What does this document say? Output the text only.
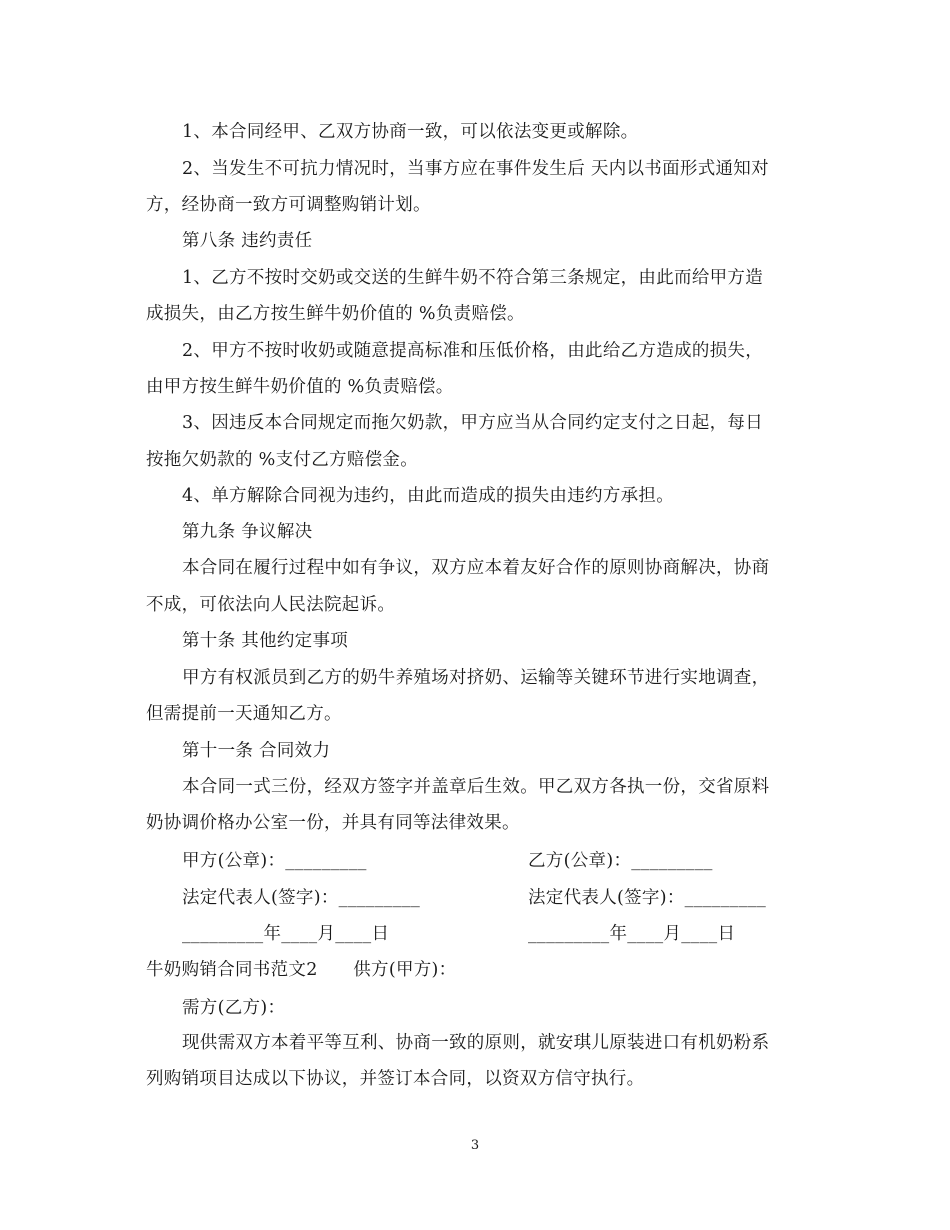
1、本合同经甲、乙双方协商一致，可以依法变更或解除。
2、当发生不可抗力情况时，当事方应在事件发生后 天内以书面形式通知对
方，经协商一致方可调整购销计划。
第八条 违约责任
1、乙方不按时交奶或交送的生鲜牛奶不符合第三条规定，由此而给甲方造
成损失，由乙方按生鲜牛奶价值的 %负责赔偿。
2、甲方不按时收奶或随意提高标准和压低价格，由此给乙方造成的损失，
由甲方按生鲜牛奶价值的 %负责赔偿。
3、因违反本合同规定而拖欠奶款，甲方应当从合同约定支付之日起，每日
按拖欠奶款的 %支付乙方赔偿金。
4、单方解除合同视为违约，由此而造成的损失由违约方承担。
第九条 争议解决
本合同在履行过程中如有争议，双方应本着友好合作的原则协商解决，协商
不成，可依法向人民法院起诉。
第十条 其他约定事项
甲方有权派员到乙方的奶牛养殖场对挤奶、运输等关键环节进行实地调查，
但需提前一天通知乙方。
第十一条 合同效力
本合同一式三份，经双方签字并盖章后生效。甲乙双方各执一份，交省原料
奶协调价格办公室一份，并具有同等法律效果。
甲方(公章)：_________	乙方(公章)：_________
法定代表人(签字)：_________	法定代表人(签字)：_________
_________年____月____日	_________年____月____日
牛奶购销合同书范文2　　供方(甲方)：
需方(乙方)：
现供需双方本着平等互利、协商一致的原则，就安琪儿原装进口有机奶粉系
列购销项目达成以下协议，并签订本合同，以资双方信守执行。
3
